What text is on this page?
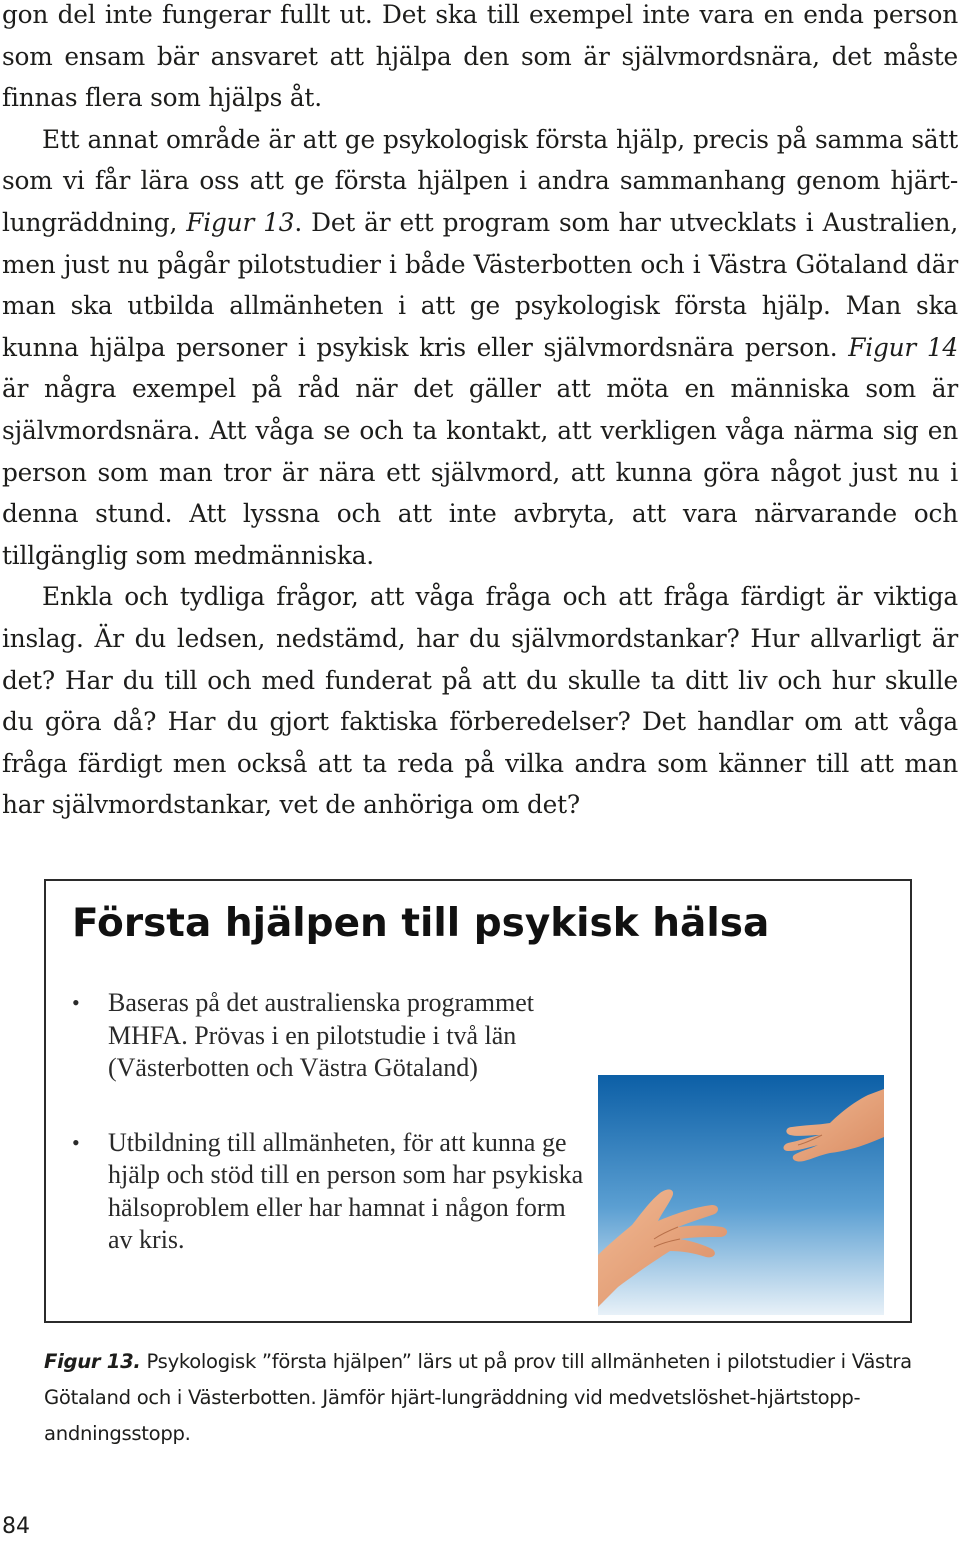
gon del inte fungerar fullt ut. Det ska till exempel inte vara en enda person som ensam bär ansvaret att hjälpa den som är självmordsnära, det måste finnas flera som hjälps åt.

Ett annat område är att ge psykologisk första hjälp, precis på samma sätt som vi får lära oss att ge första hjälpen i andra sammanhang genom hjärt-lungräddning, Figur 13. Det är ett program som har utvecklats i Australien, men just nu pågår pilotstudier i både Västerbotten och i Västra Götaland där man ska utbilda allmänheten i att ge psykologisk första hjälp. Man ska kunna hjälpa personer i psykisk kris eller självmordsnära person. Figur 14 är några exempel på råd när det gäller att möta en människa som är självmordsnära. Att våga se och ta kontakt, att verkligen våga närma sig en person som man tror är nära ett självmord, att kunna göra något just nu i denna stund. Att lyssna och att inte avbryta, att vara närvarande och tillgänglig som medmänniska.

Enkla och tydliga frågor, att våga fråga och att fråga färdigt är viktiga inslag. Är du ledsen, nedstämd, har du självmordstankar? Hur allvarligt är det? Har du till och med funderat på att du skulle ta ditt liv och hur skulle du göra då? Har du gjort faktiska förberedelser? Det handlar om att våga fråga färdigt men också att ta reda på vilka andra som känner till att man har självmordstankar, vet de anhöriga om det?

Första hjälpen till psykisk hälsa
• Baseras på det australienska programmet MHFA. Prövas i en pilotstudie i två län (Västerbotten och Västra Götaland)
• Utbildning till allmänheten, för att kunna ge hjälp och stöd till en person som har psykiska hälsoproblem eller har hamnat i någon form av kris.
Figur 13. Psykologisk ”första hjälpen” lärs ut på prov till allmänheten i pilotstudier i Västra Götaland och i Västerbotten. Jämför hjärt-lungräddning vid medvetslöshet-hjärtstopp-andningsstopp.
84
